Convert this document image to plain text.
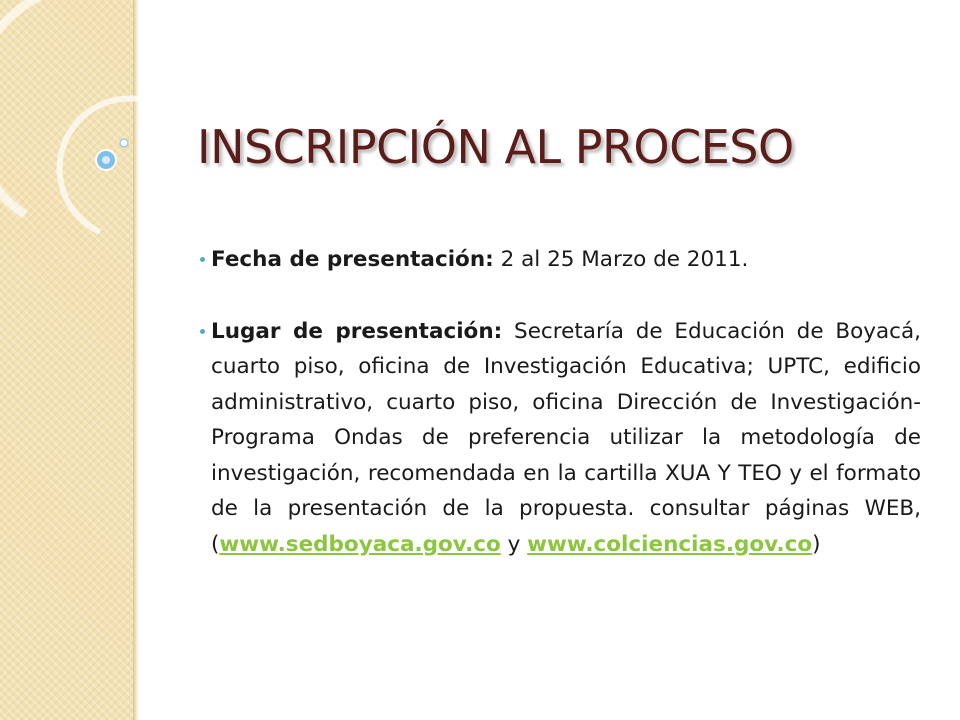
INSCRIPCIÓN AL PROCESO

Fecha de presentación: 2 al 25 Marzo de 2011.

Lugar de presentación: Secretaría de Educación de Boyacá, cuarto piso, oficina de Investigación Educativa; UPTC, edificio administrativo, cuarto piso, oficina Dirección de Investigación-Programa Ondas de preferencia utilizar la metodología de investigación, recomendada en la cartilla XUA Y TEO y el formato de la presentación de la propuesta. consultar páginas WEB, (www.sedboyaca.gov.co y www.colciencias.gov.co)
